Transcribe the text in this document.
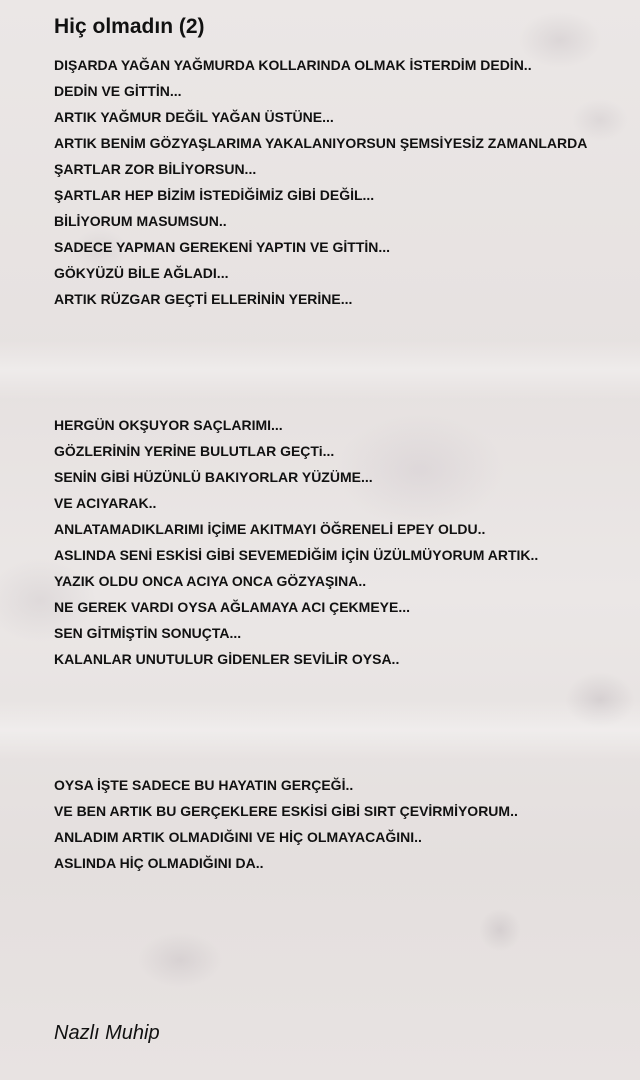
Hiç olmadın (2)
DIŞARDA YAĞAN YAĞMURDA KOLLARINDA OLMAK İSTERDİM DEDİN..
DEDİN VE GİTTİN...
ARTIK YAĞMUR DEĞİL YAĞAN ÜSTÜNE...
ARTIK BENİM GÖZYAŞLARIMA YAKALANIYORSUN ŞEMSİYESİZ ZAMANLARDA
ŞARTLAR ZOR BİLİYORSUN...
ŞARTLAR HEP BİZİM İSTEDİĞİMİZ GİBİ DEĞİL...
BİLİYORUM MASUMSUN..
SADECE YAPMAN GEREKENİ YAPTIN VE GİTTİN...
GÖKYÜZÜ BİLE AĞLADI...
ARTIK RÜZGAR GEÇTİ ELLERİNİN YERİNE...
HERGÜN OKŞUYOR SAÇLARIMI...
GÖZLERİNİN YERİNE BULUTLAR GEÇTi...
SENİN GİBİ HÜZÜNLÜ BAKIYORLAR YÜZÜME...
VE ACIYARAK..
ANLATAMADIKLARIMI İÇİME AKITMAYI ÖĞRENELİ EPEY OLDU..
ASLINDA SENİ ESKİSİ GİBİ SEVEMEDİĞİM İÇİN ÜZÜLMÜYORUM ARTIK..
YAZIK OLDU ONCA ACIYA ONCA GÖZYAŞINA..
NE GEREK VARDI OYSA AĞLAMAYA ACI ÇEKMEYE...
SEN GİTMİŞTİN SONUÇTA...
KALANLAR UNUTULUR GİDENLER SEVİLİR OYSA..
OYSA İŞTE SADECE BU HAYATIN GERÇEĞİ..
VE BEN ARTIK BU GERÇEKLERE ESKİSİ GİBİ SIRT ÇEVİRMİYORUM..
ANLADIM ARTIK OLMADIĞINI VE HİÇ OLMAYACAĞINI..
ASLINDA HİÇ OLMADIĞINI DA..
Nazlı Muhip
